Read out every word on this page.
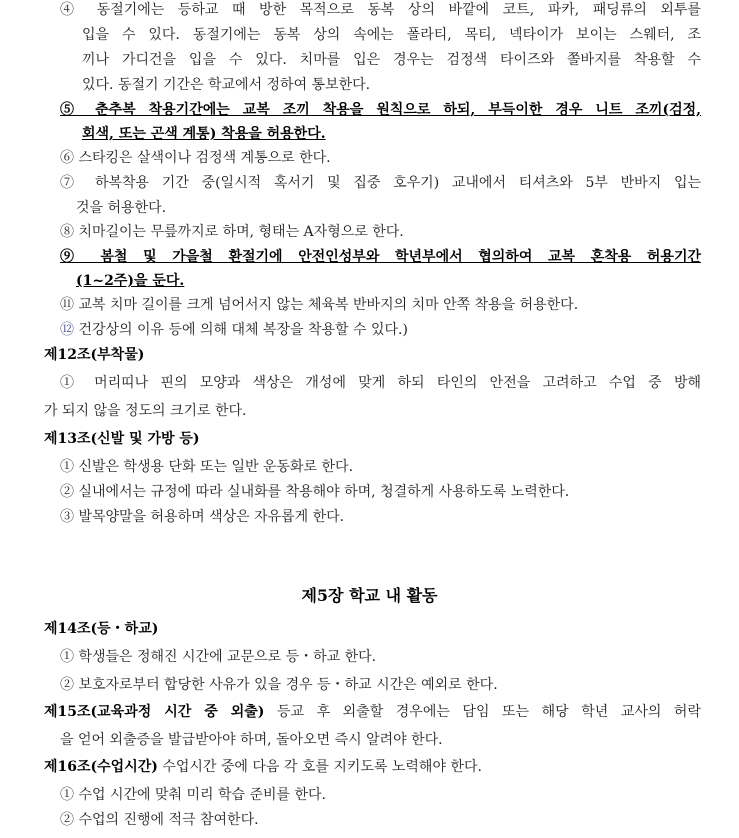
④ 동절기에는 등하교 때 방한 목적으로 동복 상의 바깥에 코트, 파카, 패딩류의 외투를
입을 수 있다. 동절기에는 동복 상의 속에는 폴라티, 목티, 넥타이가 보이는 스웨터, 조
끼나 가디건을 입을 수 있다. 치마를 입은 경우는 검정색 타이즈와 쫄바지를 착용할 수
있다. 동절기 기간은 학교에서 정하여 통보한다.
⑤ 춘추복 착용기간에는 교복 조끼 착용을 원칙으로 하되, 부득이한 경우 니트 조끼(검정,
회색, 또는 곤색 계통) 착용을 허용한다.
⑥ 스타킹은 살색이나 검정색 계통으로 한다.
⑦ 하복착용 기간 중(일시적 혹서기 및 집중 호우기) 교내에서 티셔츠와 5부 반바지 입는
것을 허용한다.
⑧ 치마길이는 무릎까지로 하며, 형태는 A자형으로 한다.
⑨ 봄철 및 가을철 환절기에 안전인성부와 학년부에서 협의하여 교복 혼착용 허용기간
(1~2주)을 둔다.
⑪ 교복 치마 길이를 크게 넘어서지 않는 체육복 반바지의 치마 안쪽 착용을 허용한다.
⑫ 건강상의 이유 등에 의해 대체 복장을 착용할 수 있다.)
제12조(부착물)
① 머리띠나 핀의 모양과 색상은 개성에 맞게 하되 타인의 안전을 고려하고 수업 중 방해
가 되지 않을 정도의 크기로 한다.
제13조(신발 및 가방 등)
① 신발은 학생용 단화 또는 일반 운동화로 한다.
② 실내에서는 규정에 따라 실내화를 착용해야 하며, 청결하게 사용하도록 노력한다.
③ 발목양말을 허용하며 색상은 자유롭게 한다.
제5장 학교 내 활동
제14조(등・하교)
① 학생들은 정해진 시간에 교문으로 등・하교 한다.
② 보호자로부터 합당한 사유가 있을 경우 등・하교 시간은 예외로 한다.
제15조(교육과정 시간 중 외출) 등교 후 외출할 경우에는 담임 또는 해당 학년 교사의 허락
을 얻어 외출증을 발급받아야 하며, 돌아오면 즉시 알려야 한다.
제16조(수업시간) 수업시간 중에 다음 각 호를 지키도록 노력해야 한다.
① 수업 시간에 맞춰 미리 학습 준비를 한다.
② 수업의 진행에 적극 참여한다.
